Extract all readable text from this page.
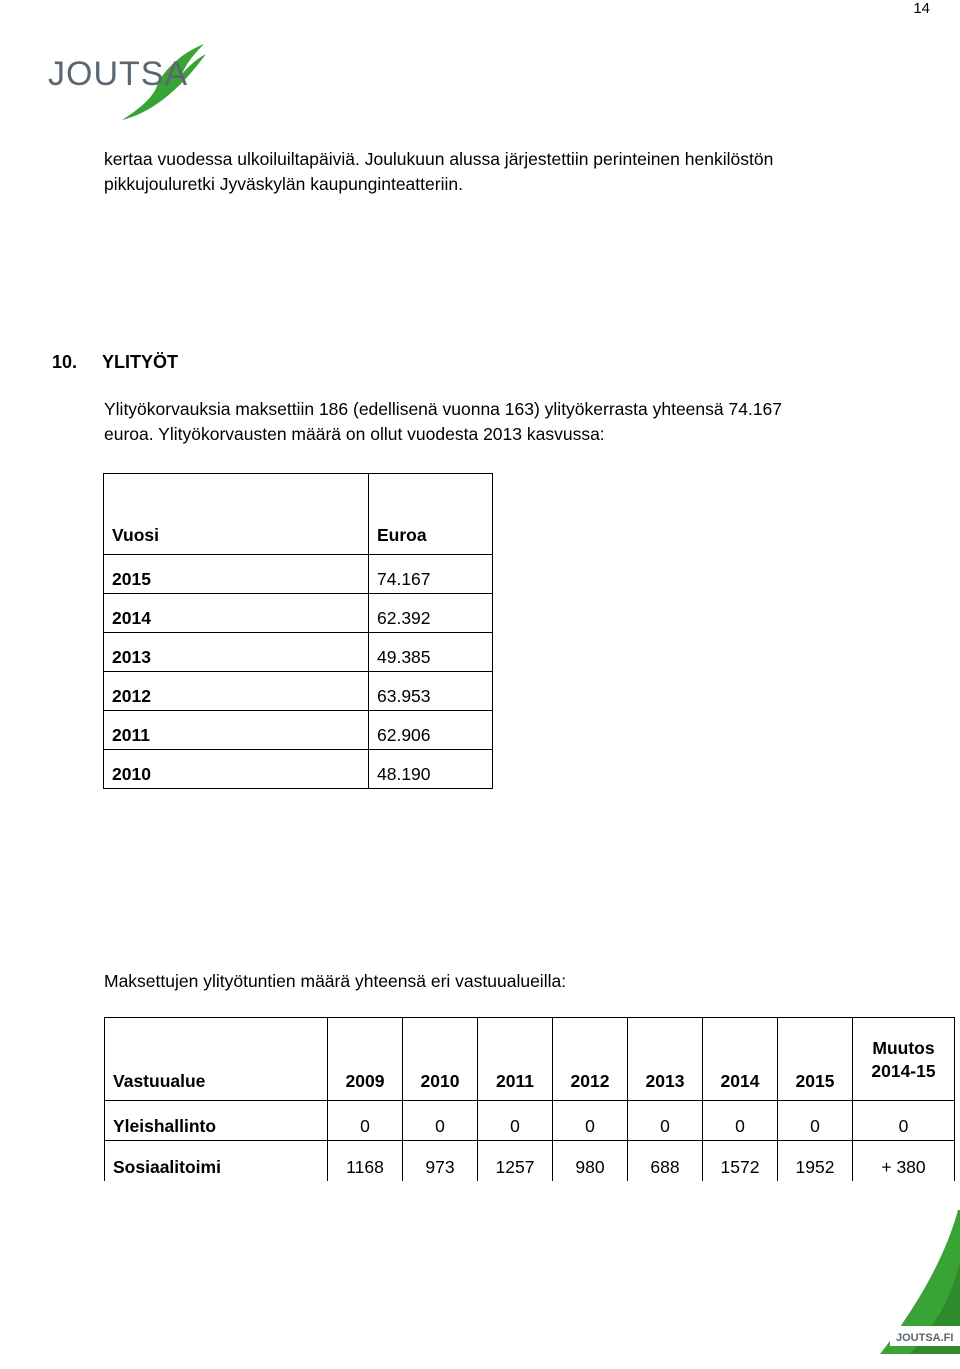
14
JOUTSA
kertaa vuodessa ulkoiluiltapäiviä. Joulukuun alussa järjestettiin perinteinen henkilöstön
pikkujouluretki Jyväskylän kaupunginteatteriin.
10. YLITYÖT
Ylityökorvauksia maksettiin 186 (edellisenä vuonna 163) ylityökerrasta yhteensä 74.167
euroa. Ylityökorvausten määrä on ollut vuodesta 2013 kasvussa:
Vuosi	Euroa
2015	74.167
2014	62.392
2013	49.385
2012	63.953
2011	62.906
2010	48.190
Maksettujen ylityötuntien määrä yhteensä eri vastuualueilla:
Vastuualue	2009	2010	2011	2012	2013	2014	2015	Muutos
2014-15

Yleishallinto	0	0	0	0	0	0	0	0
Sosiaalitoimi	1168	973	1257	980	688	1572	1952	+ 380
JOUTSA.FI
